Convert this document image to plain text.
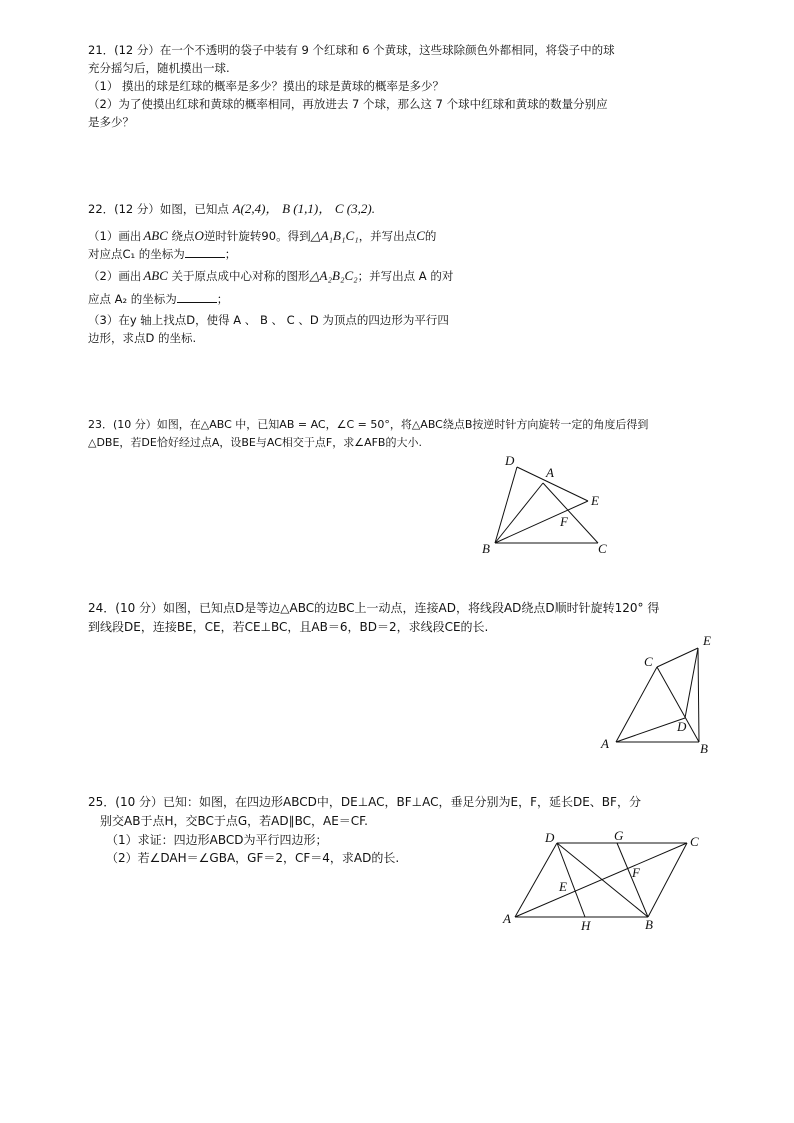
21．(12 分）在一个不透明的袋子中装有 9 个红球和 6 个黄球，这些球除颜色外都相同，将袋子中的球
充分摇匀后，随机摸出一球.
（1） 摸出的球是红球的概率是多少？摸出的球是黄球的概率是多少？
（2）为了使摸出红球和黄球的概率相同，再放进去 7 个球，那么这 7 个球中红球和黄球的数量分别应
是多少？
22．(12 分）如图，已知点 A(2,4)， B (1,1)， C (3,2).
（1）画出 ABC 绕点O逆时针旋转90。得到△A₁B₁C₁，并写出点C的
对应点C₁ 的坐标为	；
（2）画出 ABC 关于原点成中心对称的图形△A₂B₂C₂；并写出点 A 的对
应点 A₂ 的坐标为	；
（3）在y 轴上找点D，使得 A 、 B 、 C 、D 为顶点的四边形为平行四
边形，求点D 的坐标.
23．(10 分）如图，在△ABC 中，已知AB = AC，∠C = 50°，将△ABC绕点B按逆时针方向旋转一定的角度后得到
△DBE，若DE恰好经过点A，设BE与AC相交于点F，求∠AFB的大小.
D
A
E
F
B	C
24．(10 分）如图，已知点D是等边△ABC的边BC上一动点，连接AD，将线段AD绕点D顺时针旋转120° 得
到线段DE，连接BE，CE，若CE⊥BC，且AB＝6，BD＝2，求线段CE的长.
E
C
D
A	B
25．(10 分）已知：如图，在四边形ABCD中，DE⊥AC，BF⊥AC，垂足分别为E，F，延长DE、BF，分
别交AB于点H，交BC于点G，若AD∥BC，AE＝CF.
（1）求证：四边形ABCD为平行四边形；
（2）若∠DAH＝∠GBA，GF＝2，CF＝4，求AD的长.
D	G	C
F
E
A	H	B
